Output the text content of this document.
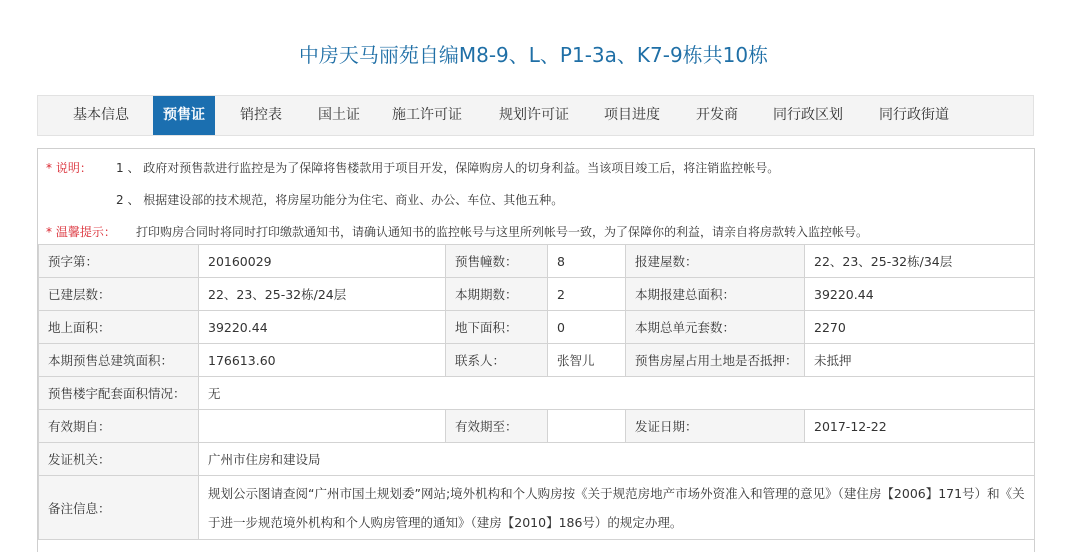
中房天马丽苑自编M8-9、L、P1-3a、K7-9栋共10栋
基本信息	预售证	销控表	国土证	施工许可证	规划许可证	项目进度	开发商	同行政区划	同行政街道
* 说明： 1 、 政府对预售款进行监控是为了保障将售楼款用于项目开发，保障购房人的切身利益。当该项目竣工后，将注销监控帐号。
2 、 根据建设部的技术规范，将房屋功能分为住宅、商业、办公、车位、其他五种。
* 温馨提示： 打印购房合同时将同时打印缴款通知书，请确认通知书的监控帐号与这里所列帐号一致，为了保障你的利益，请亲自将房款转入监控帐号。
预字第：	20160029	预售幢数：	8	报建屋数：	22、23、25-32栋/34层
已建层数：	22、23、25-32栋/24层	本期期数：	2	本期报建总面积：	39220.44
地上面积：	39220.44	地下面积：	0	本期总单元套数：	2270
本期预售总建筑面积：	176613.60	联系人：	张智儿	预售房屋占用土地是否抵押：	未抵押
预售楼宇配套面积情况：	无				
有效期自：		有效期至：		发证日期：	2017-12-22
发证机关：	广州市住房和建设局				
备注信息：	规划公示图请查阅“广州市国土规划委”网站;境外机构和个人购房按《关于规范房地产市场外资准入和管理的意见》（建住房【2006】171号）和《关于进一步规范境外机构和个人购房管理的通知》（建房【2010】186号）的规定办理。				
